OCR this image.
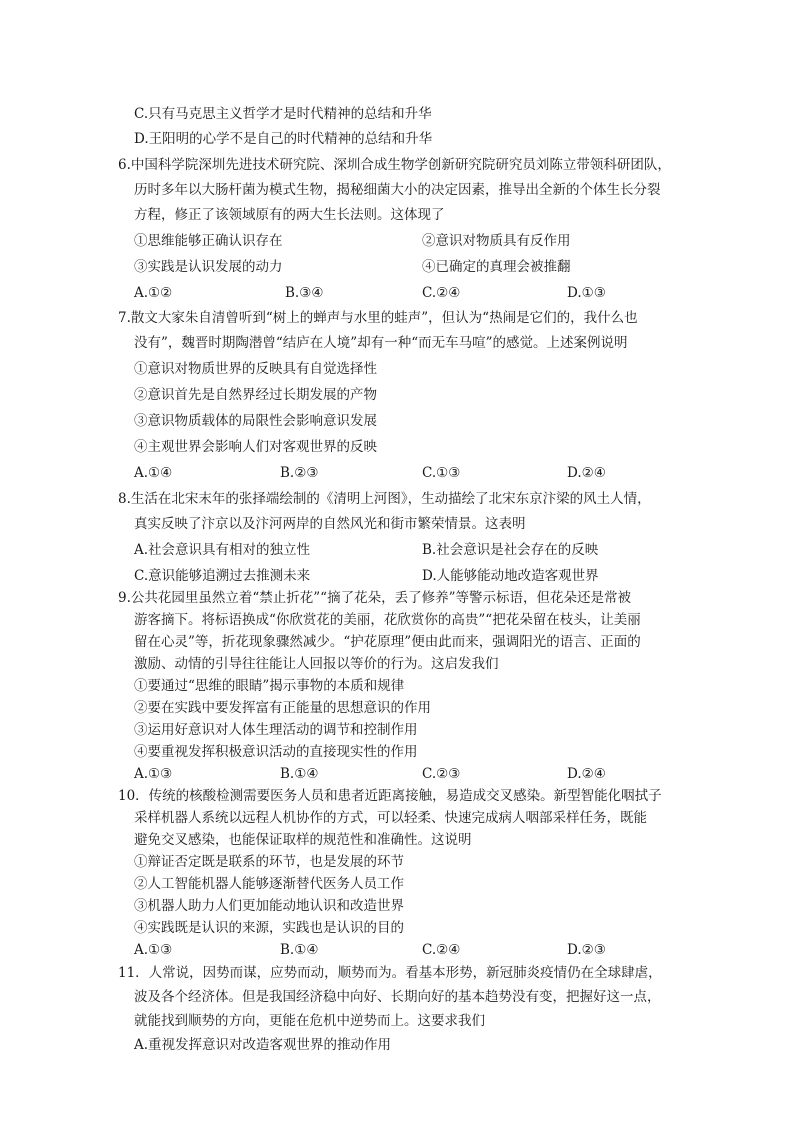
C.只有马克思主义哲学才是时代精神的总结和升华
D.王阳明的心学不是自己的时代精神的总结和升华
6.中国科学院深圳先进技术研究院、深圳合成生物学创新研究院研究员刘陈立带领科研团队，
历时多年以大肠杆菌为模式生物，揭秘细菌大小的决定因素，推导出全新的个体生长分裂
方程，修正了该领域原有的两大生长法则。这体现了
①思维能够正确认识存在	②意识对物质具有反作用
③实践是认识发展的动力	④已确定的真理会被推翻
A.①②	B.③④	C.②④	D.①③
7.散文大家朱自清曾听到“树上的蝉声与水里的蛙声”，但认为“热闹是它们的，我什么也
没有”，魏晋时期陶潜曾“结庐在人境”却有一种“而无车马喧”的感觉。上述案例说明
①意识对物质世界的反映具有自觉选择性
②意识首先是自然界经过长期发展的产物
③意识物质载体的局限性会影响意识发展
④主观世界会影响人们对客观世界的反映
A.①④	B.②③	C.①③	D.②④
8.生活在北宋末年的张择端绘制的《清明上河图》，生动描绘了北宋东京汴梁的风土人情，
真实反映了汴京以及汴河两岸的自然风光和街市繁荣情景。这表明
A.社会意识具有相对的独立性	B.社会意识是社会存在的反映
C.意识能够追溯过去推测未来	D.人能够能动地改造客观世界
9.公共花园里虽然立着“禁止折花”“摘了花朵，丢了修养”等警示标语，但花朵还是常被
游客摘下。将标语换成“你欣赏花的美丽，花欣赏你的高贵”“把花朵留在枝头，让美丽
留在心灵”等，折花现象骤然减少。“护花原理”便由此而来，强调阳光的语言、正面的
激励、动情的引导往往能让人回报以等价的行为。这启发我们
①要通过“思维的眼睛”揭示事物的本质和规律
②要在实践中要发挥富有正能量的思想意识的作用
③运用好意识对人体生理活动的调节和控制作用
④要重视发挥积极意识活动的直接现实性的作用
A.①③	B.①④	C.②③	D.②④
10．传统的核酸检测需要医务人员和患者近距离接触，易造成交叉感染。新型智能化咽拭子
采样机器人系统以远程人机协作的方式，可以轻柔、快速完成病人咽部采样任务，既能
避免交叉感染，也能保证取样的规范性和准确性。这说明
①辩证否定既是联系的环节，也是发展的环节
②人工智能机器人能够逐渐替代医务人员工作
③机器人助力人们更加能动地认识和改造世界
④实践既是认识的来源，实践也是认识的目的
A.①③	B.①④	C.②④	D.②③
11．人常说，因势而谋，应势而动，顺势而为。看基本形势，新冠肺炎疫情仍在全球肆虐，
波及各个经济体。但是我国经济稳中向好、长期向好的基本趋势没有变，把握好这一点，
就能找到顺势的方向，更能在危机中逆势而上。这要求我们
A.重视发挥意识对改造客观世界的推动作用
